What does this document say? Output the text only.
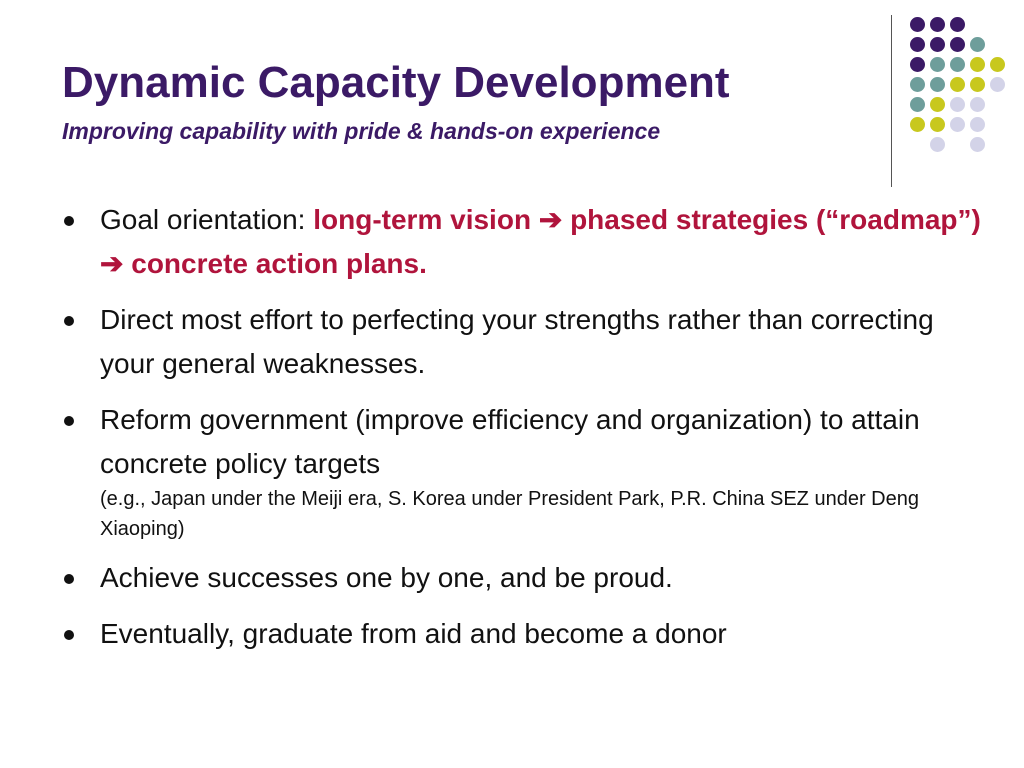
Dynamic Capacity Development
Improving capability with pride & hands-on experience
Goal orientation: long-term vision ➔ phased strategies (“roadmap”) ➔ concrete action plans.
Direct most effort to perfecting your strengths rather than correcting your general weaknesses.
Reform government (improve efficiency and organization) to attain concrete policy targets
(e.g., Japan under the Meiji era, S. Korea under President Park, P.R. China SEZ under Deng Xiaoping)
Achieve successes one by one, and be proud.
Eventually, graduate from aid and become a donor
